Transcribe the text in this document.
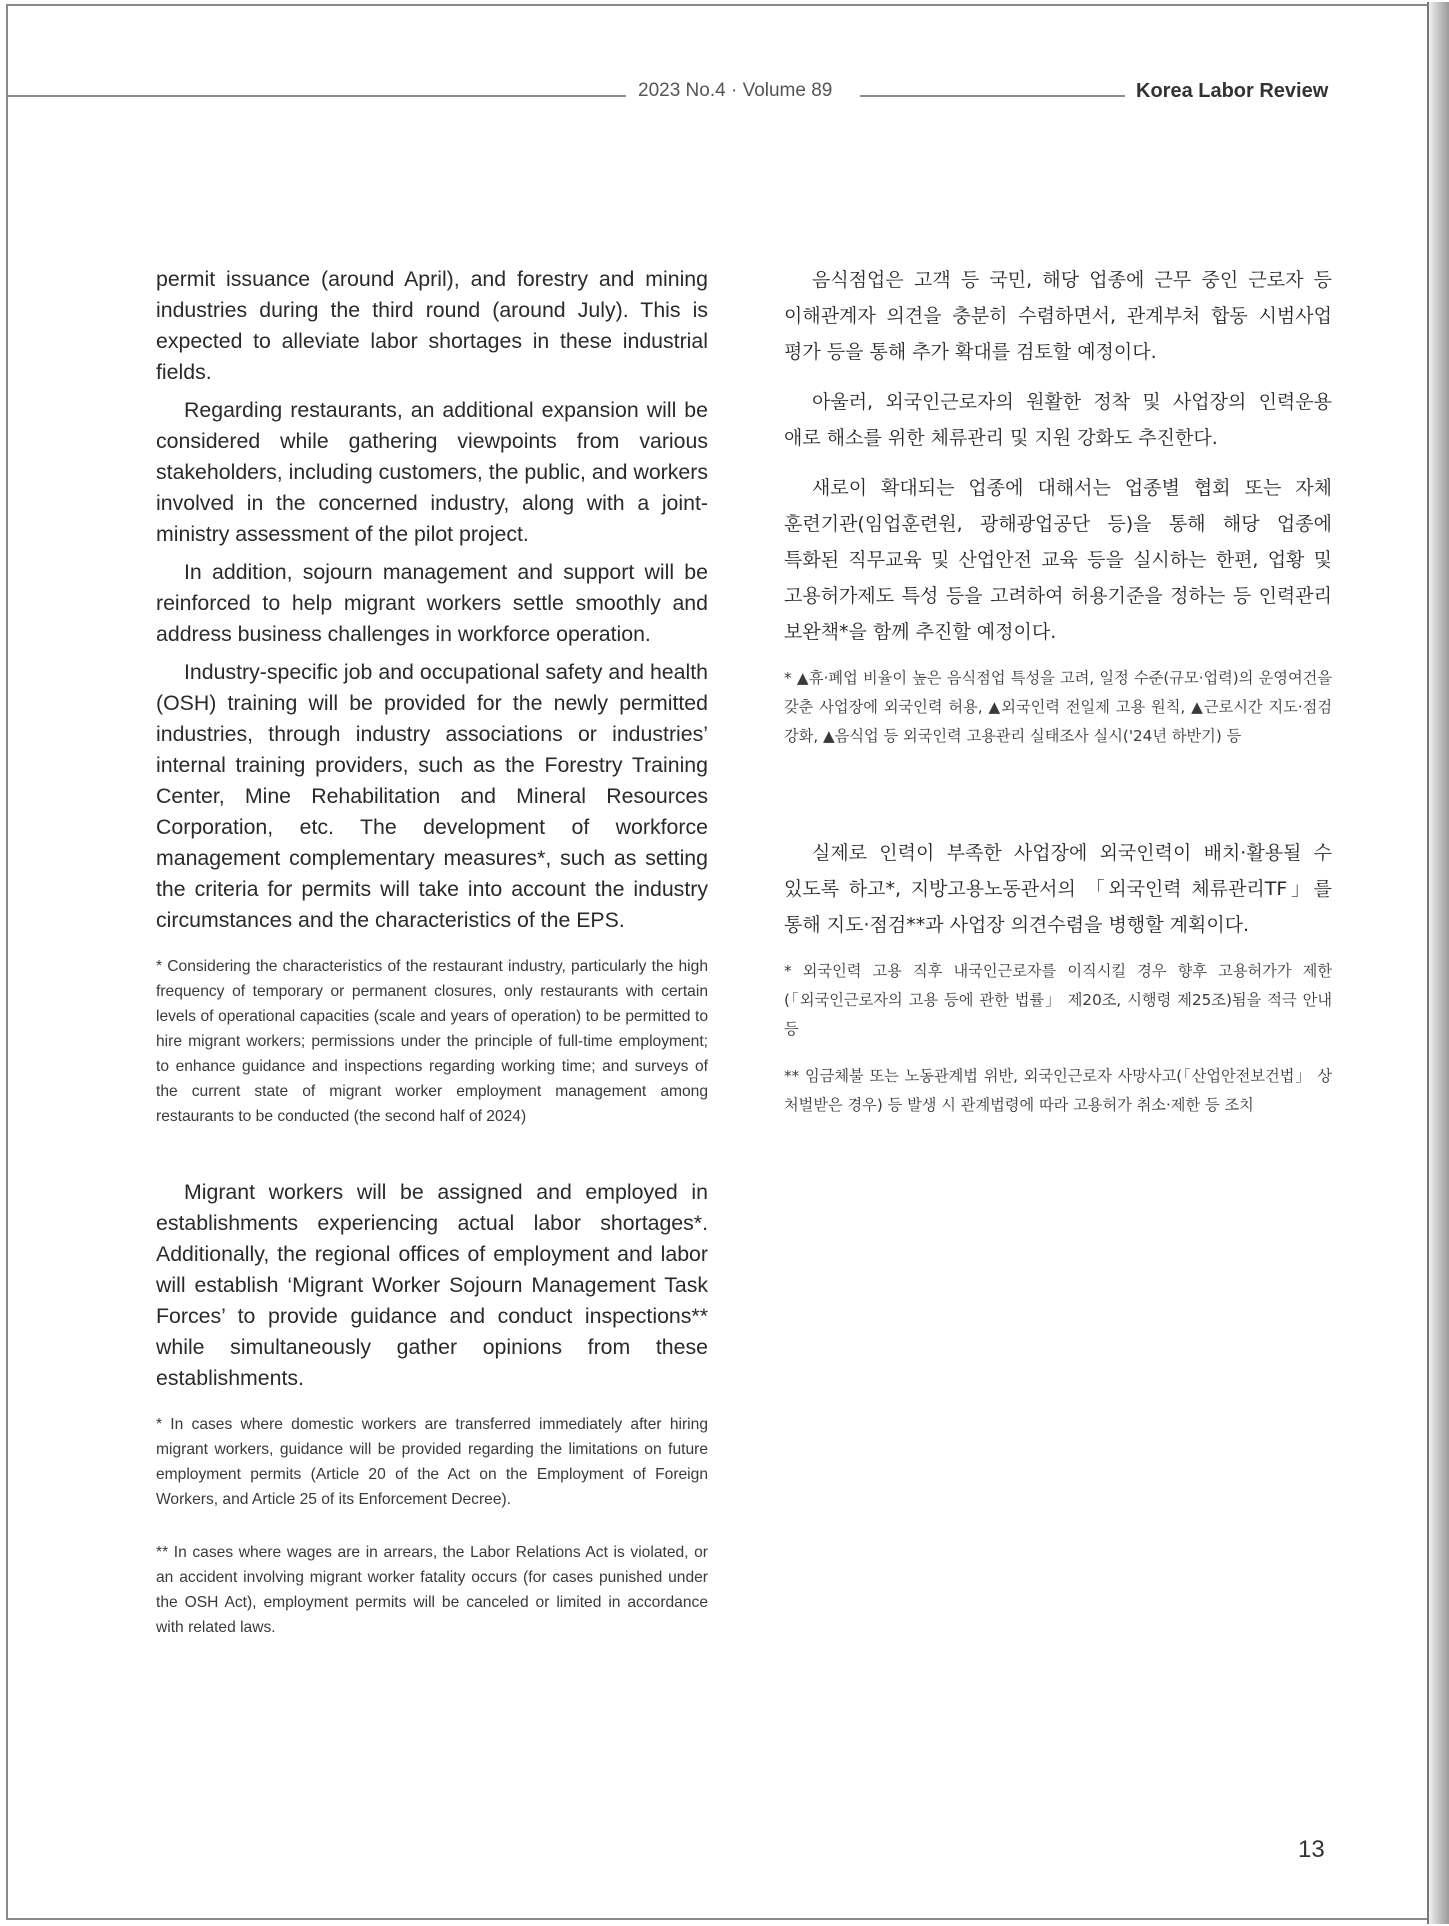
2023 No.4 · Volume 89	Korea Labor Review

permit issuance (around April), and forestry and mining industries during the third round (around July). This is expected to alleviate labor shortages in these industrial fields.

Regarding restaurants, an additional expansion will be considered while gathering viewpoints from various stakeholders, including customers, the public, and workers involved in the concerned industry, along with a joint-ministry assessment of the pilot project.

In addition, sojourn management and support will be reinforced to help migrant workers settle smoothly and address business challenges in workforce operation.

Industry-specific job and occupational safety and health (OSH) training will be provided for the newly permitted industries, through industry associations or industries’ internal training providers, such as the Forestry Training Center, Mine Rehabilitation and Mineral Resources Corporation, etc. The development of workforce management complementary measures*, such as setting the criteria for permits will take into account the industry circumstances and the characteristics of the EPS.

* Considering the characteristics of the restaurant industry, particularly the high frequency of temporary or permanent closures, only restaurants with certain levels of operational capacities (scale and years of operation) to be permitted to hire migrant workers; permissions under the principle of full-time employment; to enhance guidance and inspections regarding working time; and surveys of the current state of migrant worker employment management among restaurants to be conducted (the second half of 2024)

Migrant workers will be assigned and employed in establishments experiencing actual labor shortages*. Additionally, the regional offices of employment and labor will establish ‘Migrant Worker Sojourn Management Task Forces’ to provide guidance and conduct inspections** while simultaneously gather opinions from these establishments.

* In cases where domestic workers are transferred immediately after hiring migrant workers, guidance will be provided regarding the limitations on future employment permits (Article 20 of the Act on the Employment of Foreign Workers, and Article 25 of its Enforcement Decree).

** In cases where wages are in arrears, the Labor Relations Act is violated, or an accident involving migrant worker fatality occurs (for cases punished under the OSH Act), employment permits will be canceled or limited in accordance with related laws.

음식점업은 고객 등 국민, 해당 업종에 근무 중인 근로자 등 이해관계자 의견을 충분히 수렴하면서, 관계부처 합동 시범사업 평가 등을 통해 추가 확대를 검토할 예정이다.

아울러, 외국인근로자의 원활한 정착 및 사업장의 인력운용 애로 해소를 위한 체류관리 및 지원 강화도 추진한다.

새로이 확대되는 업종에 대해서는 업종별 협회 또는 자체 훈련기관(임업훈련원, 광해광업공단 등)을 통해 해당 업종에 특화된 직무교육 및 산업안전 교육 등을 실시하는 한편, 업황 및 고용허가제도 특성 등을 고려하여 허용기준을 정하는 등 인력관리 보완책*을 함께 추진할 예정이다.

* ▲휴·폐업 비율이 높은 음식점업 특성을 고려, 일정 수준(규모·업력)의 운영여건을 갖춘 사업장에 외국인력 허용, ▲외국인력 전일제 고용 원칙, ▲근로시간 지도·점검 강화, ▲음식업 등 외국인력 고용관리 실태조사 실시('24년 하반기) 등

실제로 인력이 부족한 사업장에 외국인력이 배치·활용될 수 있도록 하고*, 지방고용노동관서의 「외국인력 체류관리TF」를 통해 지도·점검**과 사업장 의견수렴을 병행할 계획이다.

* 외국인력 고용 직후 내국인근로자를 이직시킬 경우 향후 고용허가가 제한(「외국인근로자의 고용 등에 관한 법률」 제20조, 시행령 제25조)됨을 적극 안내 등

** 임금체불 또는 노동관계법 위반, 외국인근로자 사망사고(「산업안전보건법」 상 처벌받은 경우) 등 발생 시 관계법령에 따라 고용허가 취소·제한 등 조치

13
